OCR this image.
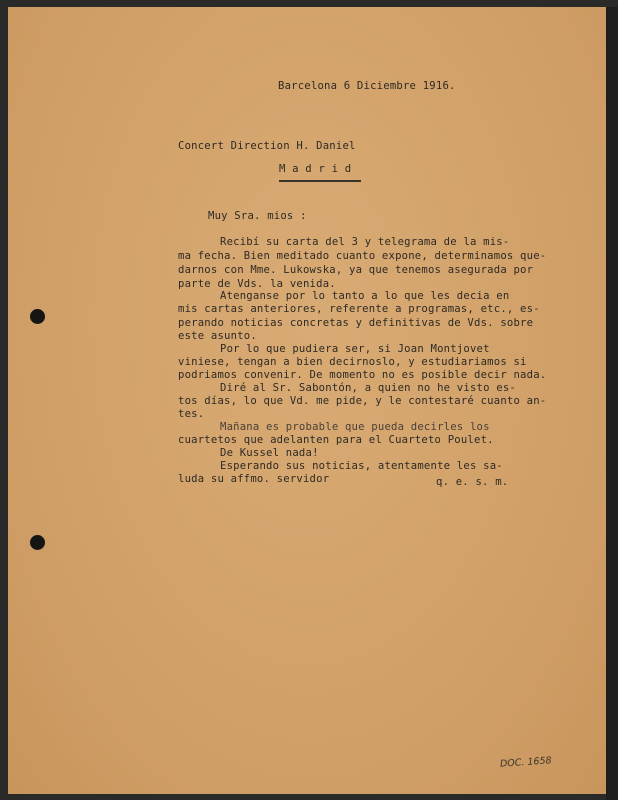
Barcelona 6 Diciembre 1916.
Concert Direction H. Daniel
M a d r i d
Muy Sra. mios :
Recibí su carta del 3 y telegrama de la mis-
ma fecha. Bien meditado cuanto expone, determinamos que-
darnos con Mme. Lukowska, ya que tenemos asegurada por
parte de Vds. la venida.
Atenganse por lo tanto a lo que les decia en
mis cartas anteriores, referente a programas, etc., es-
perando noticias concretas y definitivas de Vds. sobre
este asunto.
Por lo que pudiera ser, si Joan Montjovet
viniese, tengan a bien decirnoslo, y estudiariamos si
podriamos convenir. De momento no es posible decir nada.
Diré al Sr. Sabontón, a quien no he visto es-
tos días, lo que Vd. me pide, y le contestaré cuanto an-
tes.
Mañana es probable que pueda decirles los
cuartetos que adelanten para el Cuarteto Poulet.
De Kussel nada!
Esperando sus noticias, atentamente les sa-
luda su affmo. servidor	q. e. s. m.
DOC. 1658
